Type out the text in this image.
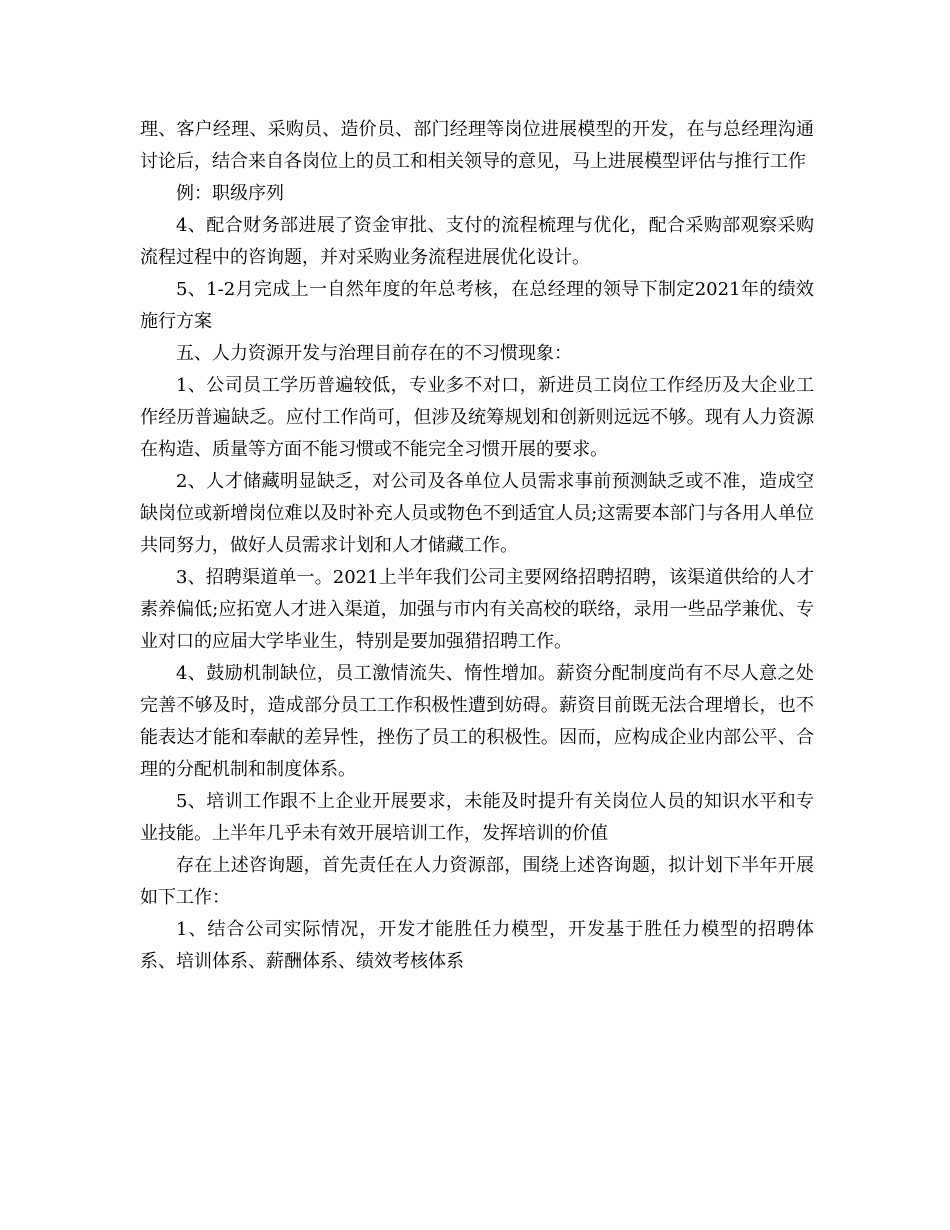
理、客户经理、采购员、造价员、部门经理等岗位进展模型的开发，在与总经理沟通讨论后，结合来自各岗位上的员工和相关领导的意见，马上进展模型评估与推行工作

例：职级序列

4、配合财务部进展了资金审批、支付的流程梳理与优化，配合采购部观察采购流程过程中的咨询题，并对采购业务流程进展优化设计。

5、1-2月完成上一自然年度的年总考核，在总经理的领导下制定2021年的绩效施行方案

五、人力资源开发与治理目前存在的不习惯现象：

1、公司员工学历普遍较低，专业多不对口，新进员工岗位工作经历及大企业工作经历普遍缺乏。应付工作尚可，但涉及统筹规划和创新则远远不够。现有人力资源在构造、质量等方面不能习惯或不能完全习惯开展的要求。

2、人才储藏明显缺乏，对公司及各单位人员需求事前预测缺乏或不准，造成空缺岗位或新增岗位难以及时补充人员或物色不到适宜人员;这需要本部门与各用人单位共同努力，做好人员需求计划和人才储藏工作。

3、招聘渠道单一。2021上半年我们公司主要网络招聘招聘，该渠道供给的人才素养偏低;应拓宽人才进入渠道，加强与市内有关高校的联络，录用一些品学兼优、专业对口的应届大学毕业生，特别是要加强猎招聘工作。

4、鼓励机制缺位，员工激情流失、惰性增加。薪资分配制度尚有不尽人意之处完善不够及时，造成部分员工工作积极性遭到妨碍。薪资目前既无法合理增长，也不能表达才能和奉献的差异性，挫伤了员工的积极性。因而，应构成企业内部公平、合理的分配机制和制度体系。

5、培训工作跟不上企业开展要求，未能及时提升有关岗位人员的知识水平和专业技能。上半年几乎未有效开展培训工作，发挥培训的价值

存在上述咨询题，首先责任在人力资源部，围绕上述咨询题，拟计划下半年开展如下工作：

1、结合公司实际情况，开发才能胜任力模型，开发基于胜任力模型的招聘体系、培训体系、薪酬体系、绩效考核体系
